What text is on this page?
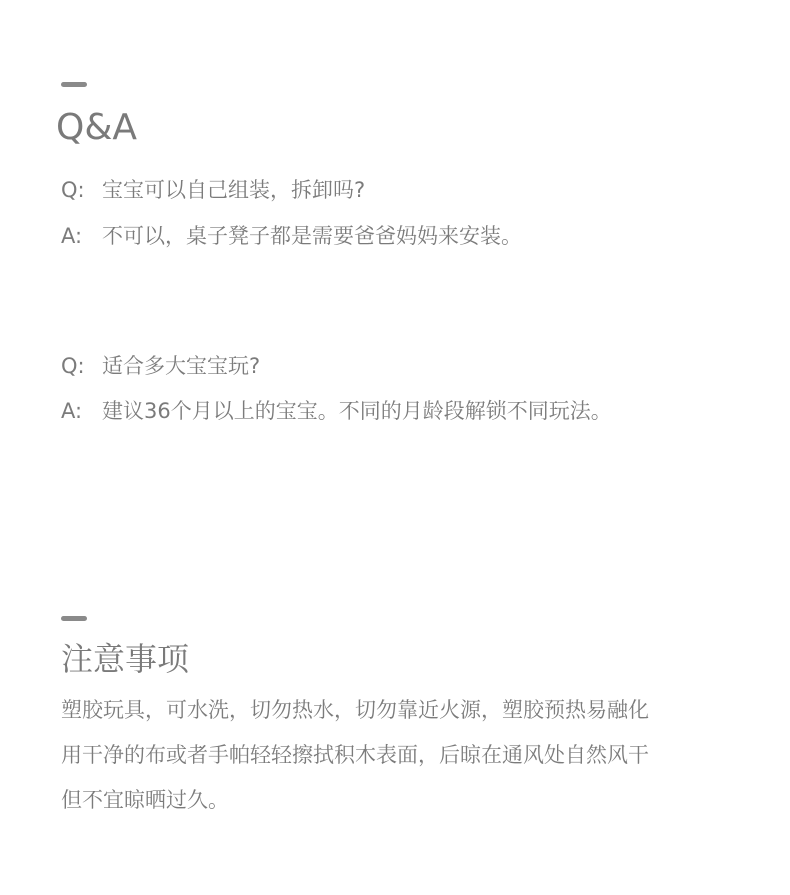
Q&A
Q: 宝宝可以自己组装，拆卸吗?
A: 不可以，桌子凳子都是需要爸爸妈妈来安装。
Q: 适合多大宝宝玩?
A: 建议36个月以上的宝宝。不同的月龄段解锁不同玩法。
注意事项
塑胶玩具，可水洗，切勿热水，切勿靠近火源，塑胶预热易融化
用干净的布或者手帕轻轻擦拭积木表面，后晾在通风处自然风干
但不宜晾晒过久。
